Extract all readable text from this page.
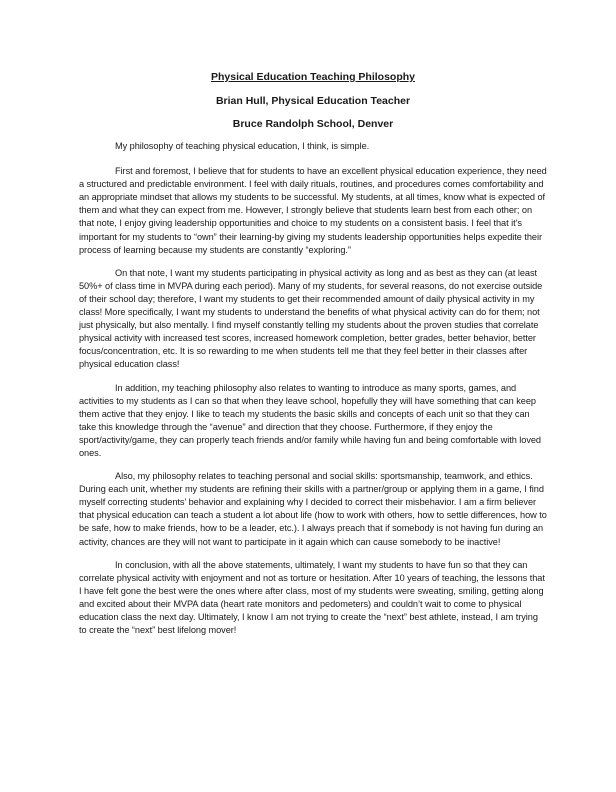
Physical Education Teaching Philosophy
Brian Hull, Physical Education Teacher
Bruce Randolph School, Denver

My philosophy of teaching physical education, I think, is simple.

First and foremost, I believe that for students to have an excellent physical education experience, they need a structured and predictable environment. I feel with daily rituals, routines, and procedures comes comfortability and an appropriate mindset that allows my students to be successful. My students, at all times, know what is expected of them and what they can expect from me. However, I strongly believe that students learn best from each other; on that note, I enjoy giving leadership opportunities and choice to my students on a consistent basis. I feel that it’s important for my students to “own” their learning-by giving my students leadership opportunities helps expedite their process of learning because my students are constantly “exploring.”

On that note, I want my students participating in physical activity as long and as best as they can (at least 50%+ of class time in MVPA during each period). Many of my students, for several reasons, do not exercise outside of their school day; therefore, I want my students to get their recommended amount of daily physical activity in my class! More specifically, I want my students to understand the benefits of what physical activity can do for them; not just physically, but also mentally. I find myself constantly telling my students about the proven studies that correlate physical activity with increased test scores, increased homework completion, better grades, better behavior, better focus/concentration, etc. It is so rewarding to me when students tell me that they feel better in their classes after physical education class!

In addition, my teaching philosophy also relates to wanting to introduce as many sports, games, and activities to my students as I can so that when they leave school, hopefully they will have something that can keep them active that they enjoy. I like to teach my students the basic skills and concepts of each unit so that they can take this knowledge through the “avenue” and direction that they choose. Furthermore, if they enjoy the sport/activity/game, they can properly teach friends and/or family while having fun and being comfortable with loved ones.

Also, my philosophy relates to teaching personal and social skills: sportsmanship, teamwork, and ethics. During each unit, whether my students are refining their skills with a partner/group or applying them in a game, I find myself correcting students’ behavior and explaining why I decided to correct their misbehavior. I am a firm believer that physical education can teach a student a lot about life (how to work with others, how to settle differences, how to be safe, how to make friends, how to be a leader, etc.). I always preach that if somebody is not having fun during an activity, chances are they will not want to participate in it again which can cause somebody to be inactive!

In conclusion, with all the above statements, ultimately, I want my students to have fun so that they can correlate physical activity with enjoyment and not as torture or hesitation. After 10 years of teaching, the lessons that I have felt gone the best were the ones where after class, most of my students were sweating, smiling, getting along and excited about their MVPA data (heart rate monitors and pedometers) and couldn’t wait to come to physical education class the next day. Ultimately, I know I am not trying to create the “next” best athlete, instead, I am trying to create the “next” best lifelong mover!
